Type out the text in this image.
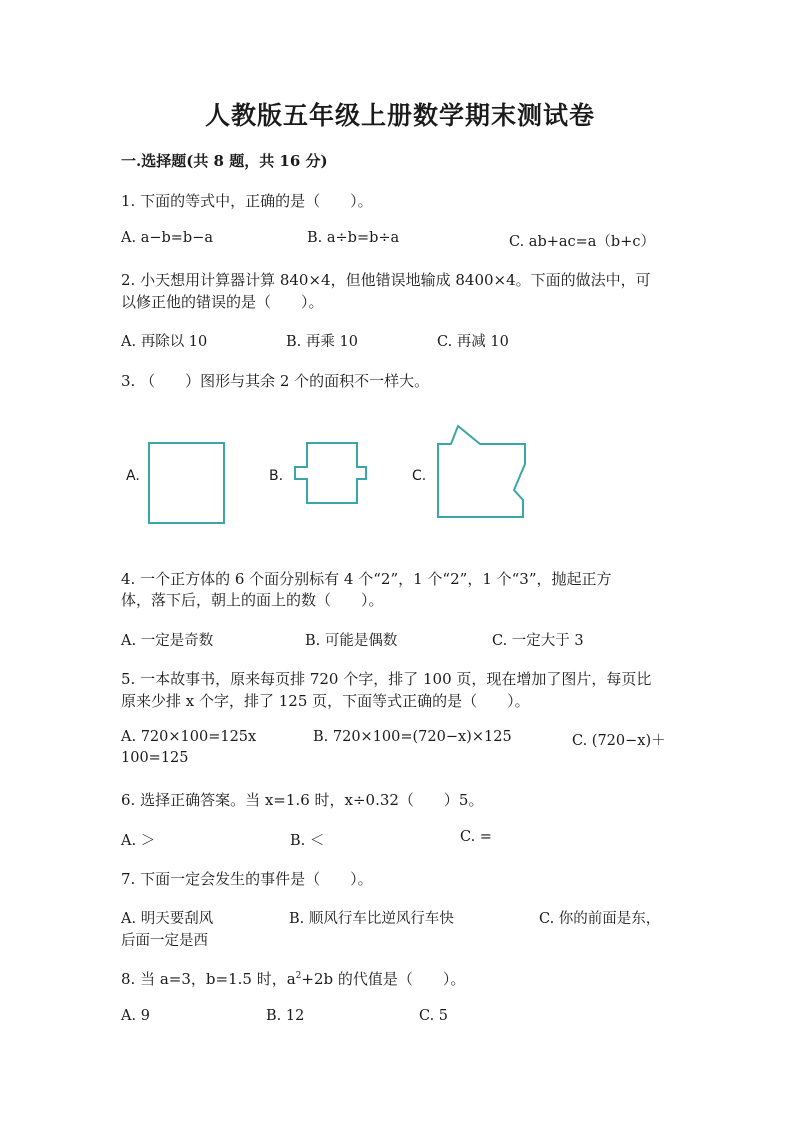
人教版五年级上册数学期末测试卷
一.选择题(共 8 题，共 16 分)
1. 下面的等式中，正确的是（　　）。
A. a−b=b−a	B. a÷b=b÷a	C. ab+ac=a（b+c）
2. 小天想用计算器计算 840×4，但他错误地输成 8400×4。下面的做法中，可
以修正他的错误的是（　　）。
A. 再除以 10	B. 再乘 10	C. 再减 10
3. （　　）图形与其余 2 个的面积不一样大。
A.	B.	C.
4. 一个正方体的 6 个面分别标有 4 个“2”，1 个“2”，1 个“3”，抛起正方
体，落下后，朝上的面上的数（　　）。
A. 一定是奇数	B. 可能是偶数	C. 一定大于 3
5. 一本故事书，原来每页排 720 个字，排了 100 页，现在增加了图片，每页比
原来少排 x 个字，排了 125 页，下面等式正确的是（　　）。
A. 720×100=125x	B. 720×100=(720−x)×125	C. (720−x)＋
100=125
6. 选择正确答案。当 x=1.6 时，x÷0.32（　　）5。
A. ＞	B. ＜	C. =
7. 下面一定会发生的事件是（　　）。
A. 明天要刮风	B. 顺风行车比逆风行车快	C. 你的前面是东，
后面一定是西
8. 当 a=3，b=1.5 时，$a^2+2b$ 的代值是（　　）。
A. 9	B. 12	C. 5
